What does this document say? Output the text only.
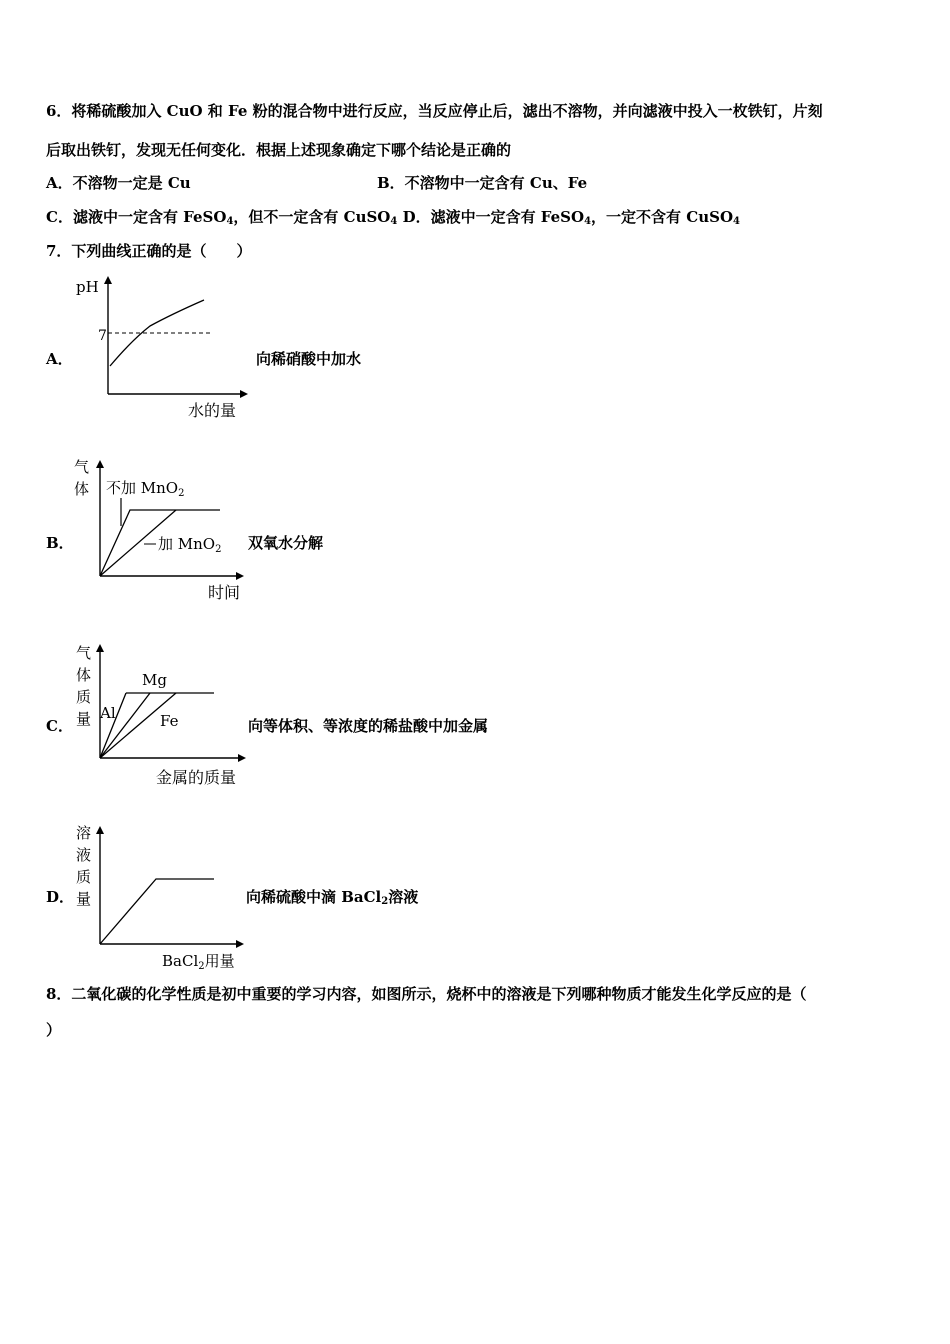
6．将稀硫酸加入 CuO 和 Fe 粉的混合物中进行反应，当反应停止后，滤出不溶物，并向滤液中投入一枚铁钉，片刻
后取出铁钉，发现无任何变化．根据上述现象确定下哪个结论是正确的
A．不溶物一定是 Cu	B．不溶物中一定含有 Cu、Fe
C．滤液中一定含有 FeSO$_4$，但不一定含有 CuSO$_4$ D．滤液中一定含有 FeSO$_4$，一定不含有 CuSO$_4$
7．下列曲线正确的是（　　）
A．
pH
7
水的量
向稀硝酸中加水
B．
气
体 不加 MnO$_2$
加 MnO$_2$
时间
双氧水分解
C．
气
体
质
量 Al
Mg
Fe
金属的质量
向等体积、等浓度的稀盐酸中加金属
D．
溶
液
质
量
BaCl$_2$用量
向稀硫酸中滴 BaCl$_2$溶液
8．二氧化碳的化学性质是初中重要的学习内容，如图所示，烧杯中的溶液是下列哪种物质才能发生化学反应的是（
）
